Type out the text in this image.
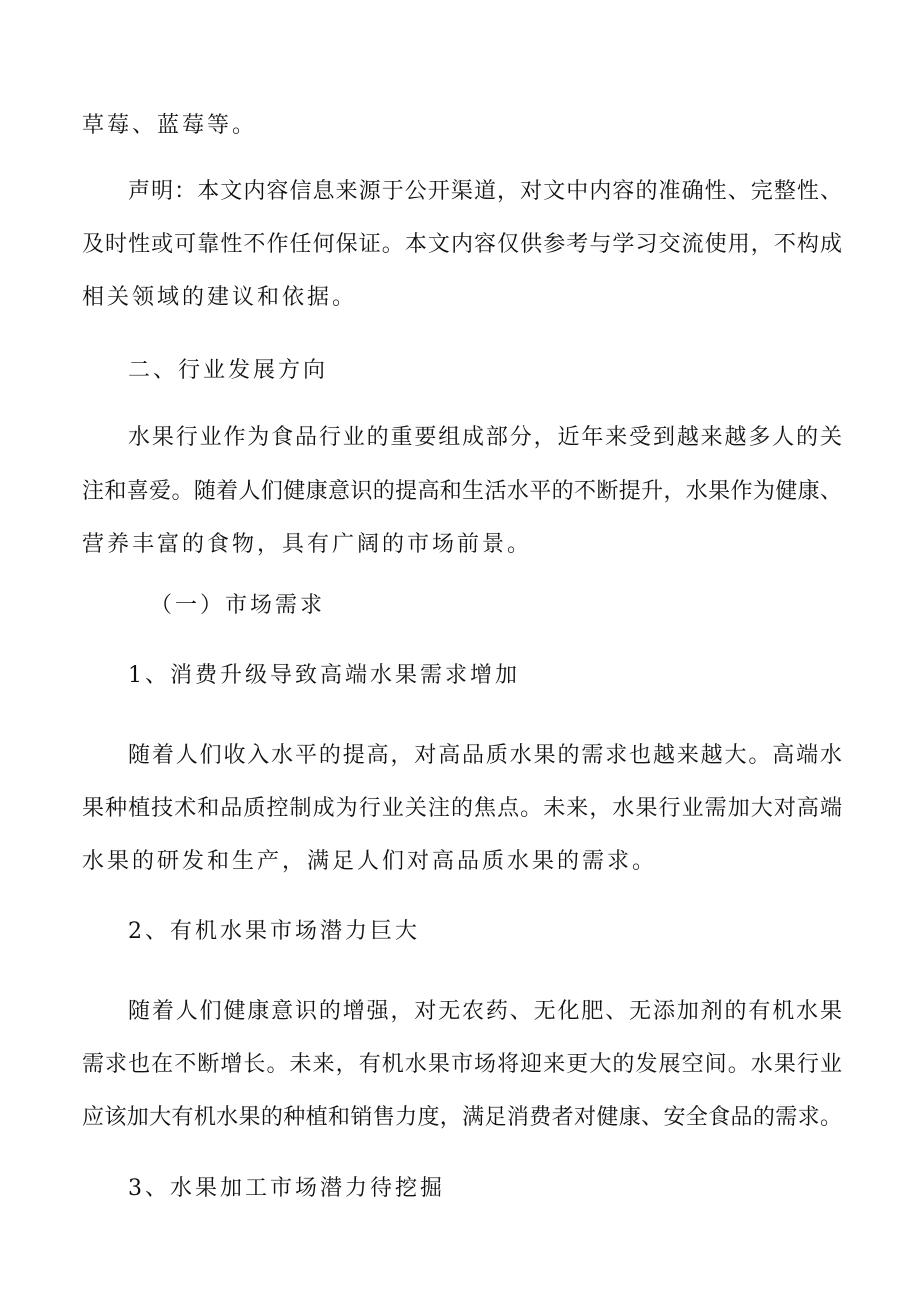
草莓、蓝莓等。
声明：本文内容信息来源于公开渠道，对文中内容的准确性、完整性、
及时性或可靠性不作任何保证。本文内容仅供参考与学习交流使用，不构成
相关领域的建议和依据。
二、行业发展方向
水果行业作为食品行业的重要组成部分，近年来受到越来越多人的关
注和喜爱。随着人们健康意识的提高和生活水平的不断提升，水果作为健康、
营养丰富的食物，具有广阔的市场前景。
（一）市场需求
1、消费升级导致高端水果需求增加
随着人们收入水平的提高，对高品质水果的需求也越来越大。高端水
果种植技术和品质控制成为行业关注的焦点。未来，水果行业需加大对高端
水果的研发和生产，满足人们对高品质水果的需求。
2、有机水果市场潜力巨大
随着人们健康意识的增强，对无农药、无化肥、无添加剂的有机水果
需求也在不断增长。未来，有机水果市场将迎来更大的发展空间。水果行业
应该加大有机水果的种植和销售力度，满足消费者对健康、安全食品的需求。
3、水果加工市场潜力待挖掘
